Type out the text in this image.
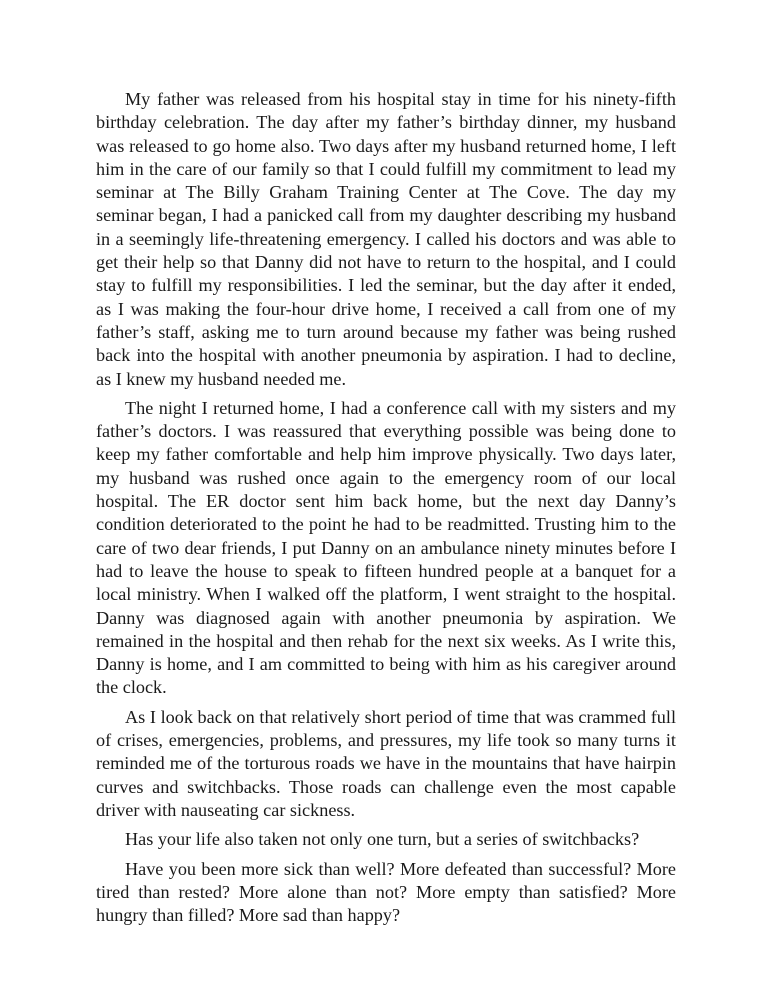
My father was released from his hospital stay in time for his ninety-fifth birthday celebration. The day after my father’s birthday dinner, my husband was released to go home also. Two days after my husband returned home, I left him in the care of our family so that I could fulfill my commitment to lead my seminar at The Billy Graham Training Center at The Cove. The day my seminar began, I had a panicked call from my daughter describing my husband in a seemingly life-threatening emergency. I called his doctors and was able to get their help so that Danny did not have to return to the hospital, and I could stay to fulfill my responsibilities. I led the seminar, but the day after it ended, as I was making the four-hour drive home, I received a call from one of my father’s staff, asking me to turn around because my father was being rushed back into the hospital with another pneumonia by aspiration. I had to decline, as I knew my husband needed me.

The night I returned home, I had a conference call with my sisters and my father’s doctors. I was reassured that everything possible was being done to keep my father comfortable and help him improve physically. Two days later, my husband was rushed once again to the emergency room of our local hospital. The ER doctor sent him back home, but the next day Danny’s condition deteriorated to the point he had to be readmitted. Trusting him to the care of two dear friends, I put Danny on an ambulance ninety minutes before I had to leave the house to speak to fifteen hundred people at a banquet for a local ministry. When I walked off the platform, I went straight to the hospital. Danny was diagnosed again with another pneumonia by aspiration. We remained in the hospital and then rehab for the next six weeks. As I write this, Danny is home, and I am committed to being with him as his caregiver around the clock.

As I look back on that relatively short period of time that was crammed full of crises, emergencies, problems, and pressures, my life took so many turns it reminded me of the torturous roads we have in the mountains that have hairpin curves and switchbacks. Those roads can challenge even the most capable driver with nauseating car sickness.

Has your life also taken not only one turn, but a series of switchbacks?

Have you been more sick than well? More defeated than successful? More tired than rested? More alone than not? More empty than satisfied? More hungry than filled? More sad than happy?
